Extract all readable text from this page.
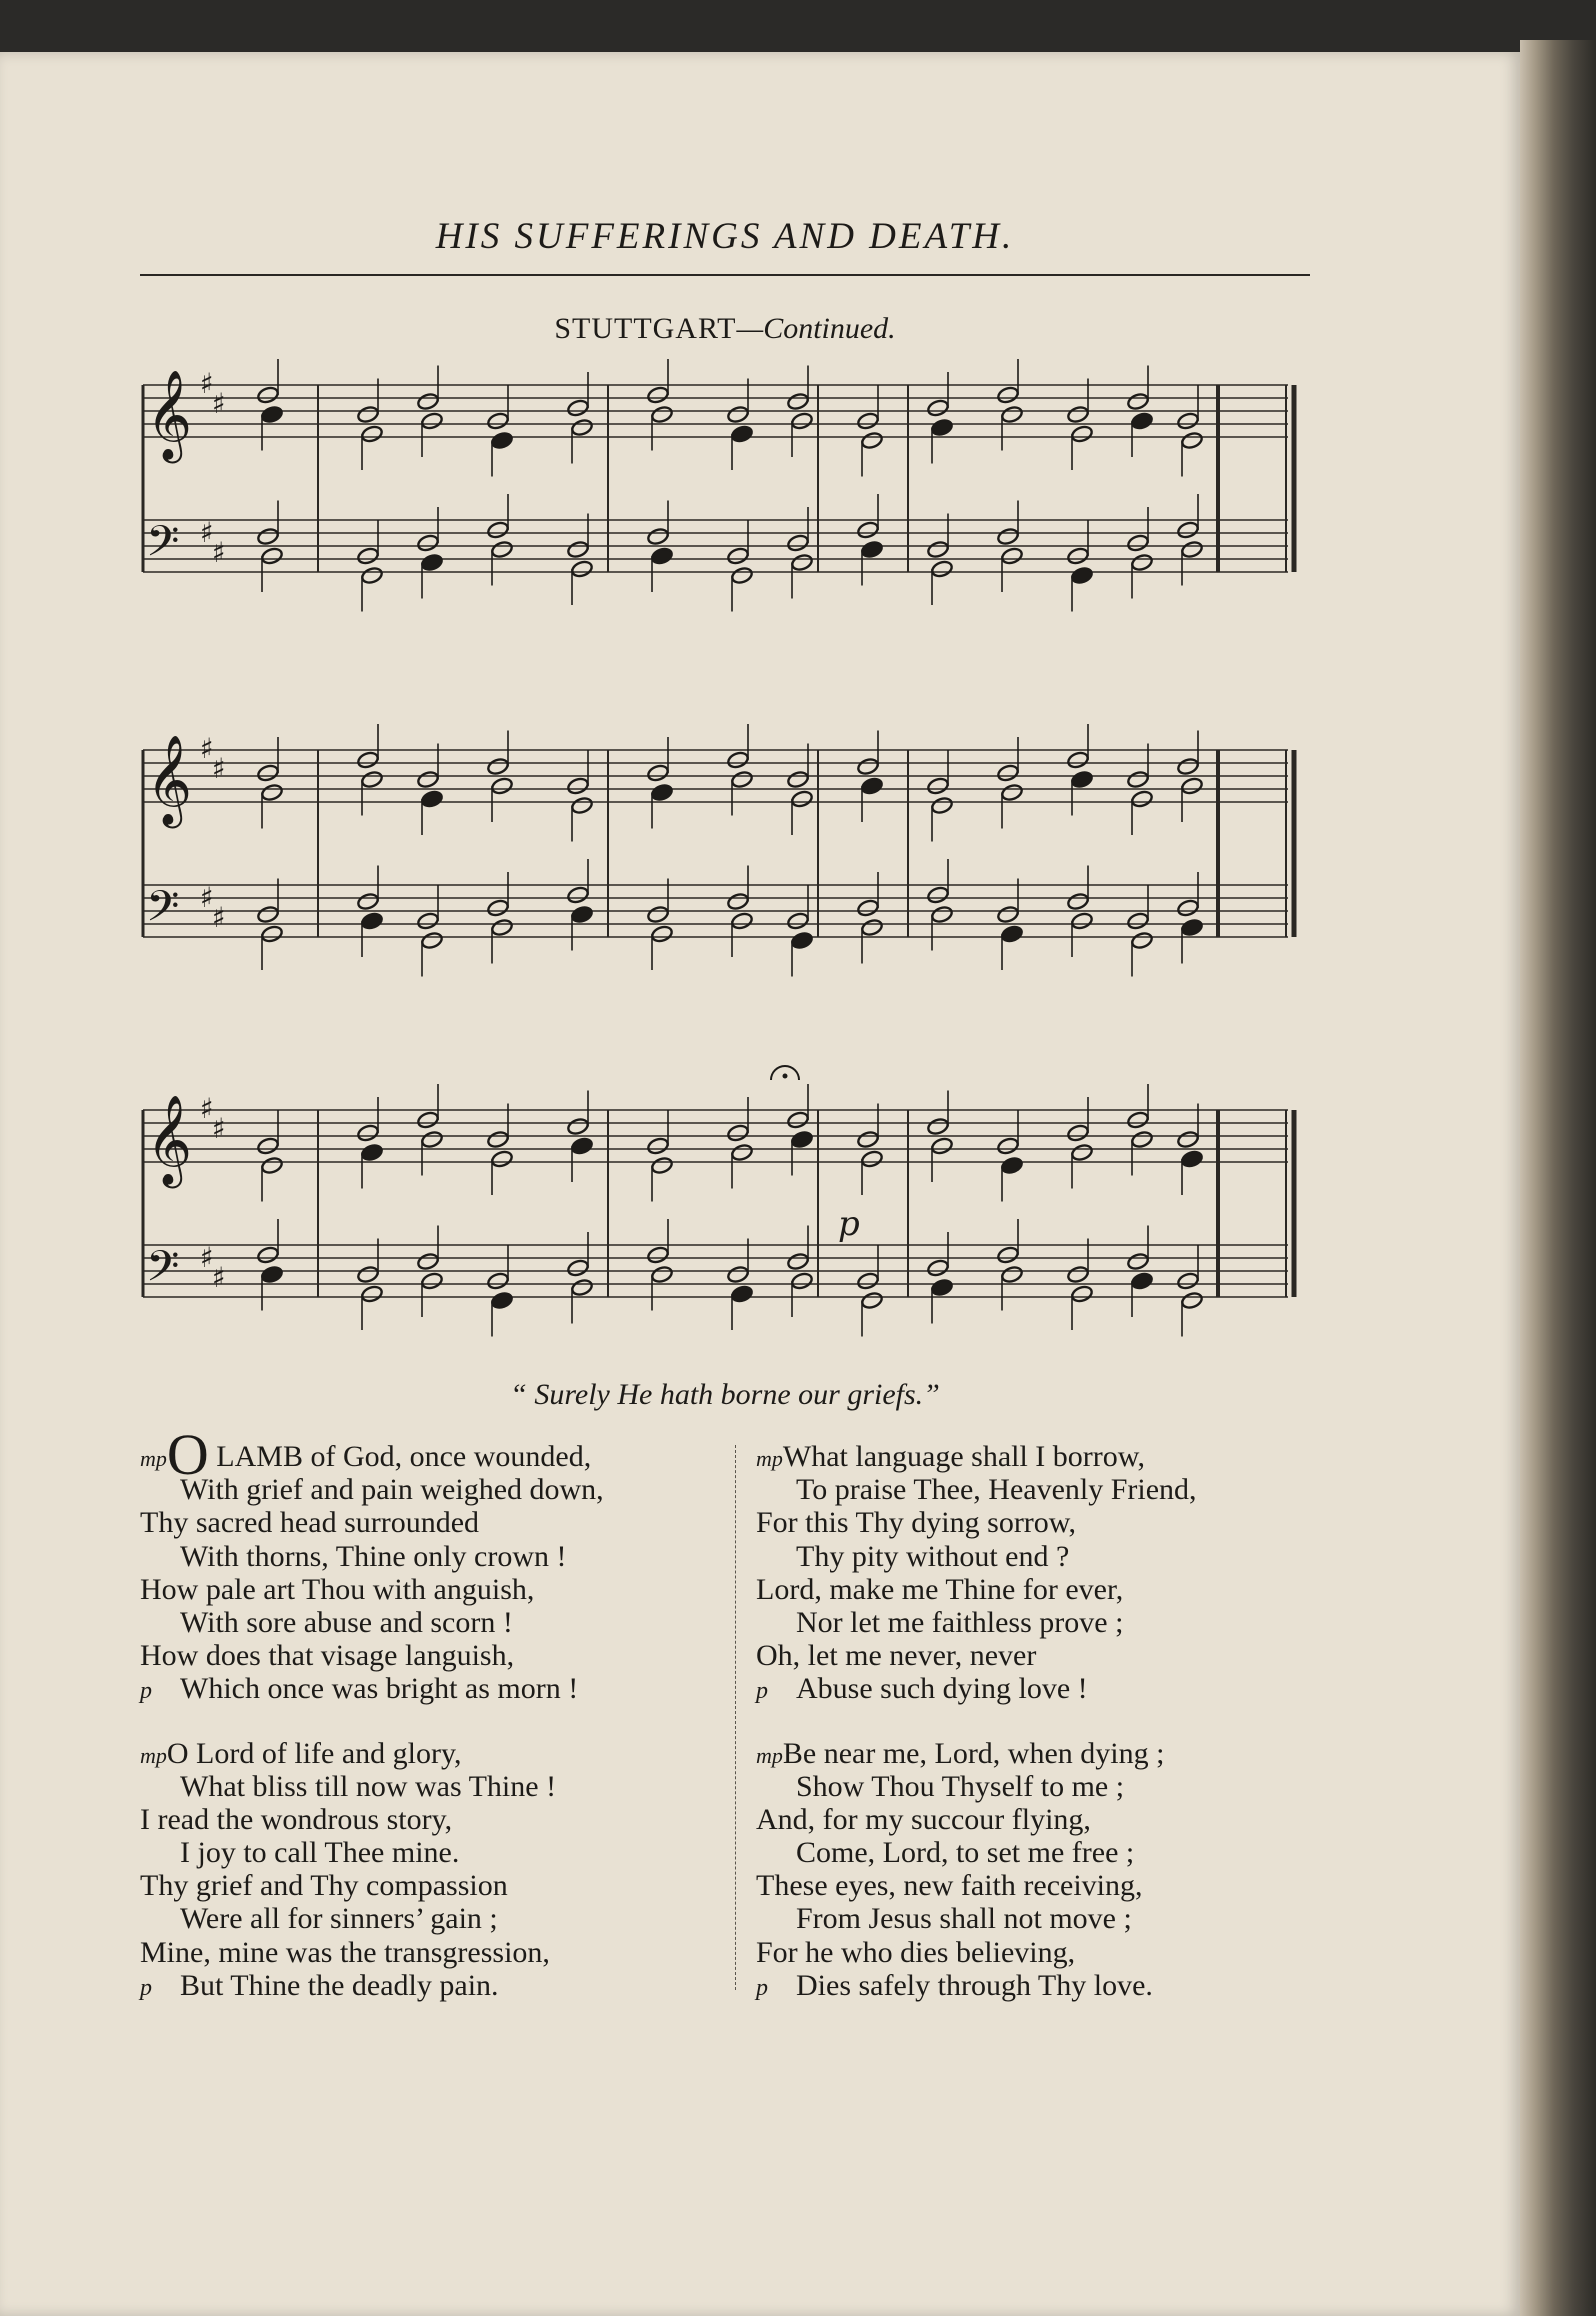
HIS SUFFERINGS AND DEATH.
STUTTGART—Continued.
𝄞 ♯
♯
𝄢 ♯
♯
𝄞 ♯
♯
𝄢 ♯
♯
𝄞 ♯
♯
𝄢 ♯
♯
p
“ Surely He hath borne our griefs.”
mpO LAMB of God, once wounded,
With grief and pain weighed down,
Thy sacred head surrounded
With thorns, Thine only crown !
How pale art Thou with anguish,
With sore abuse and scorn !
How does that visage languish,
p Which once was bright as morn !
mpO Lord of life and glory,
What bliss till now was Thine !
I read the wondrous story,
I joy to call Thee mine.
Thy grief and Thy compassion
Were all for sinners’ gain ;
Mine, mine was the transgression,
p But Thine the deadly pain.
mpWhat language shall I borrow,
To praise Thee, Heavenly Friend,
For this Thy dying sorrow,
Thy pity without end ?
Lord, make me Thine for ever,
Nor let me faithless prove ;
Oh, let me never, never
p Abuse such dying love !
mpBe near me, Lord, when dying ;
Show Thou Thyself to me ;
And, for my succour flying,
Come, Lord, to set me free ;
These eyes, new faith receiving,
From Jesus shall not move ;
For he who dies believing,
p Dies safely through Thy love.
